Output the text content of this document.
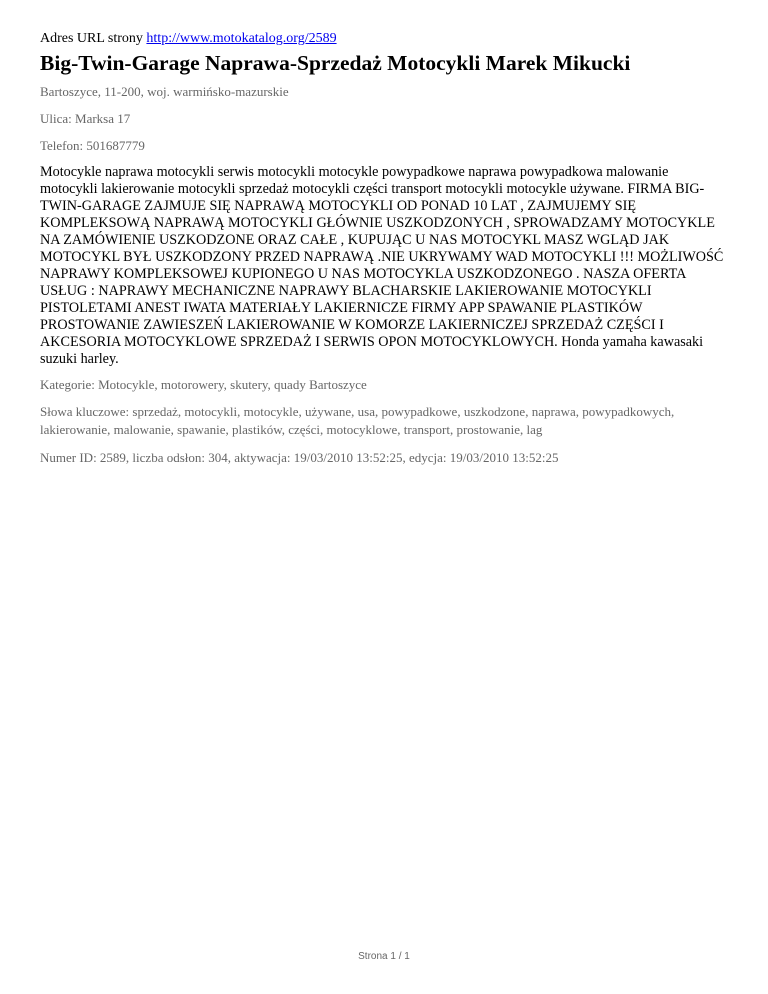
Adres URL strony http://www.motokatalog.org/2589

Big-Twin-Garage Naprawa-Sprzedaż Motocykli Marek Mikucki

Bartoszyce, 11-200, woj. warmińsko-mazurskie

Ulica: Marksa 17

Telefon: 501687779

Motocykle naprawa motocykli serwis motocykli motocykle powypadkowe naprawa powypadkowa malowanie motocykli lakierowanie motocykli sprzedaż motocykli części transport motocykli motocykle używane. FIRMA BIG-TWIN-GARAGE ZAJMUJE SIĘ NAPRAWĄ MOTOCYKLI OD PONAD 10 LAT , ZAJMUJEMY SIĘ KOMPLEKSOWĄ NAPRAWĄ MOTOCYKLI GŁÓWNIE USZKODZONYCH , SPROWADZAMY MOTOCYKLE NA ZAMÓWIENIE USZKODZONE ORAZ CAŁE , KUPUJĄC U NAS MOTOCYKL MASZ WGLĄD JAK MOTOCYKL BYŁ USZKODZONY PRZED NAPRAWĄ .NIE UKRYWAMY WAD MOTOCYKLI !!! MOŻLIWOŚĆ NAPRAWY KOMPLEKSOWEJ KUPIONEGO U NAS MOTOCYKLA USZKODZONEGO . NASZA OFERTA USŁUG : NAPRAWY MECHANICZNE NAPRAWY BLACHARSKIE LAKIEROWANIE MOTOCYKLI PISTOLETAMI ANEST IWATA MATERIAŁY LAKIERNICZE FIRMY APP SPAWANIE PLASTIKÓW PROSTOWANIE ZAWIESZEŃ LAKIEROWANIE W KOMORZE LAKIERNICZEJ SPRZEDAŻ CZĘŚCI I AKCESORIA MOTOCYKLOWE SPRZEDAŻ I SERWIS OPON MOTOCYKLOWYCH. Honda yamaha kawasaki suzuki harley.

Kategorie: Motocykle, motorowery, skutery, quady Bartoszyce

Słowa kluczowe: sprzedaż, motocykli, motocykle, używane, usa, powypadkowe, uszkodzone, naprawa, powypadkowych, lakierowanie, malowanie, spawanie, plastików, części, motocyklowe, transport, prostowanie, lag

Numer ID: 2589, liczba odsłon: 304, aktywacja: 19/03/2010 13:52:25, edycja: 19/03/2010 13:52:25

Strona 1 / 1
